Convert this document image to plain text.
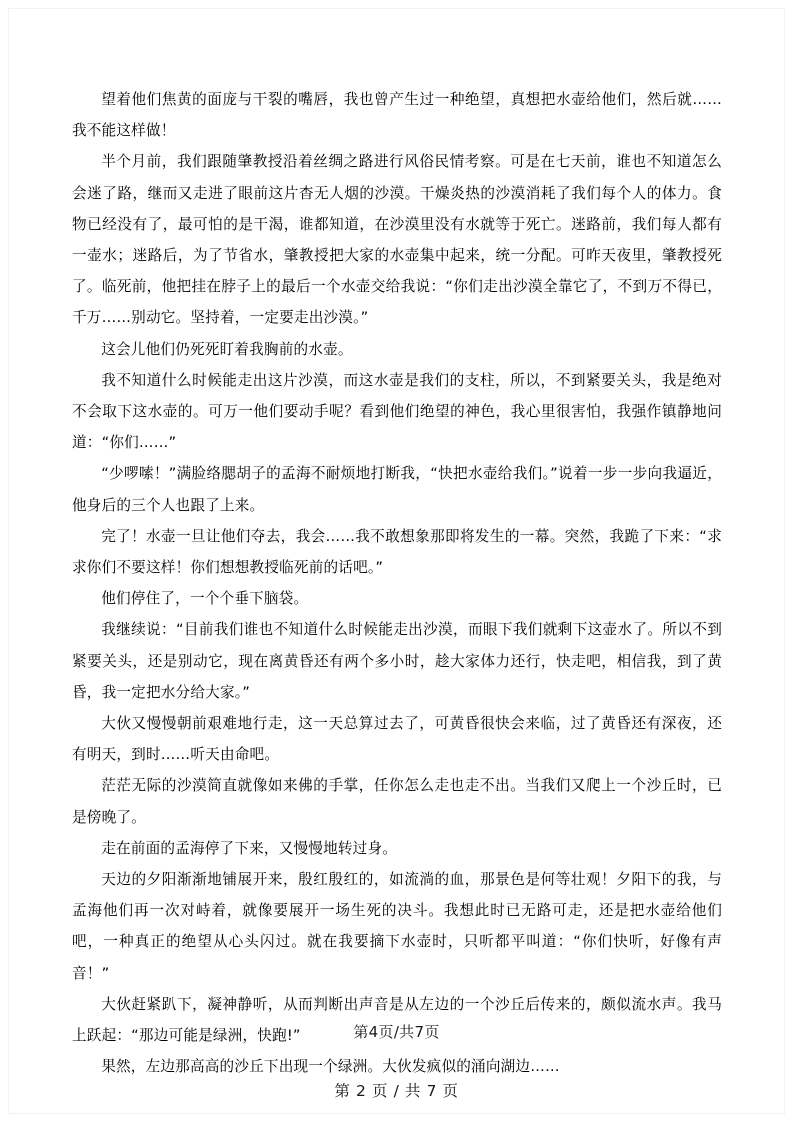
望着他们焦黄的面庞与干裂的嘴唇，我也曾产生过一种绝望，真想把水壶给他们，然后就……我不能这样做！

半个月前，我们跟随肇教授沿着丝绸之路进行风俗民情考察。可是在七天前，谁也不知道怎么会迷了路，继而又走进了眼前这片杳无人烟的沙漠。干燥炎热的沙漠消耗了我们每个人的体力。食物已经没有了，最可怕的是干渴，谁都知道，在沙漠里没有水就等于死亡。迷路前，我们每人都有一壶水；迷路后，为了节省水，肇教授把大家的水壶集中起来，统一分配。可昨天夜里，肇教授死了。临死前，他把挂在脖子上的最后一个水壶交给我说：“你们走出沙漠全靠它了，不到万不得已，千万……别动它。坚持着，一定要走出沙漠。”

这会儿他们仍死死盯着我胸前的水壶。

我不知道什么时候能走出这片沙漠，而这水壶是我们的支柱，所以，不到紧要关头，我是绝对不会取下这水壶的。可万一他们要动手呢？看到他们绝望的神色，我心里很害怕，我强作镇静地问道：“你们……”

“少啰嗦！”满脸络腮胡子的孟海不耐烦地打断我，“快把水壶给我们。”说着一步一步向我逼近，他身后的三个人也跟了上来。

完了！水壶一旦让他们夺去，我会……我不敢想象那即将发生的一幕。突然，我跪了下来：“求求你们不要这样！你们想想教授临死前的话吧。”

他们停住了，一个个垂下脑袋。

我继续说：“目前我们谁也不知道什么时候能走出沙漠，而眼下我们就剩下这壶水了。所以不到紧要关头，还是别动它，现在离黄昏还有两个多小时，趁大家体力还行，快走吧，相信我，到了黄昏，我一定把水分给大家。”

大伙又慢慢朝前艰难地行走，这一天总算过去了，可黄昏很快会来临，过了黄昏还有深夜，还有明天，到时……听天由命吧。

茫茫无际的沙漠简直就像如来佛的手掌，任你怎么走也走不出。当我们又爬上一个沙丘时，已是傍晚了。

走在前面的孟海停了下来，又慢慢地转过身。

天边的夕阳渐渐地铺展开来，殷红殷红的，如流淌的血，那景色是何等壮观！夕阳下的我，与孟海他们再一次对峙着，就像要展开一场生死的决斗。我想此时已无路可走，还是把水壶给他们吧，一种真正的绝望从心头闪过。就在我要摘下水壶时，只听都平叫道：“你们快听，好像有声音！”

大伙赶紧趴下，凝神静听，从而判断出声音是从左边的一个沙丘后传来的，颇似流水声。我马上跃起：“那边可能是绿洲，快跑!”

果然，左边那高高的沙丘下出现一个绿洲。大伙发疯似的涌向湖边……

第4页/共7页
第 2 页 / 共 7 页
